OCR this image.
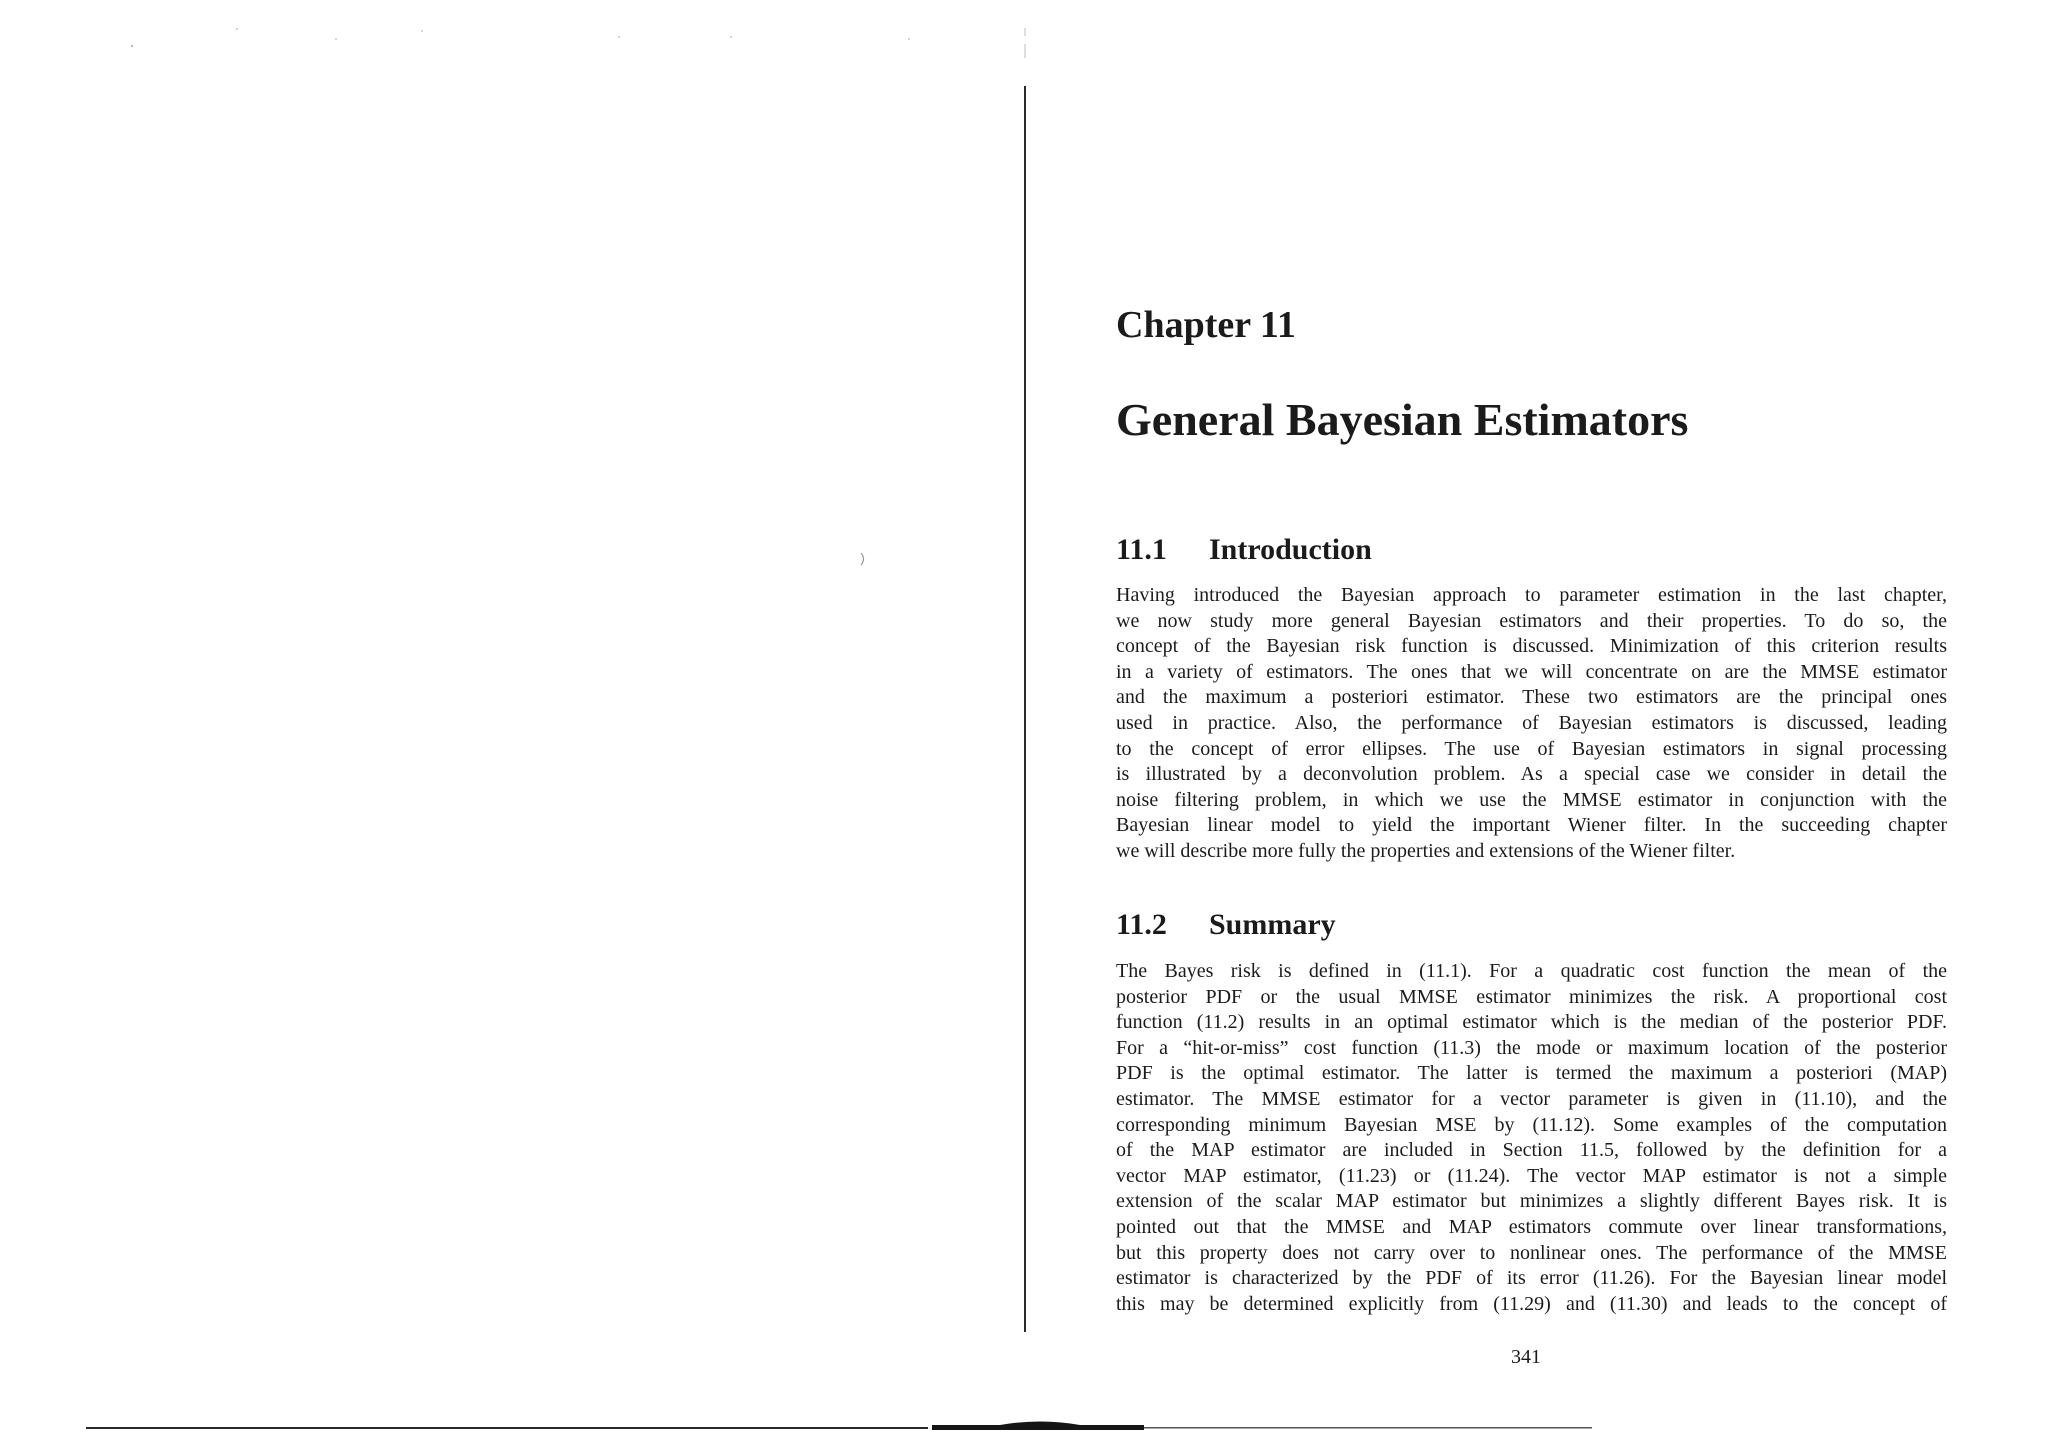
Chapter 11
General Bayesian Estimators
11.1 Introduction
Having introduced the Bayesian approach to parameter estimation in the last chapter,
we now study more general Bayesian estimators and their properties. To do so, the
concept of the Bayesian risk function is discussed. Minimization of this criterion results
in a variety of estimators. The ones that we will concentrate on are the MMSE estimator
and the maximum a posteriori estimator. These two estimators are the principal ones
used in practice. Also, the performance of Bayesian estimators is discussed, leading
to the concept of error ellipses. The use of Bayesian estimators in signal processing
is illustrated by a deconvolution problem. As a special case we consider in detail the
noise filtering problem, in which we use the MMSE estimator in conjunction with the
Bayesian linear model to yield the important Wiener filter. In the succeeding chapter
we will describe more fully the properties and extensions of the Wiener filter.
11.2 Summary
The Bayes risk is defined in (11.1). For a quadratic cost function the mean of the
posterior PDF or the usual MMSE estimator minimizes the risk. A proportional cost
function (11.2) results in an optimal estimator which is the median of the posterior PDF.
For a “hit-or-miss” cost function (11.3) the mode or maximum location of the posterior
PDF is the optimal estimator. The latter is termed the maximum a posteriori (MAP)
estimator. The MMSE estimator for a vector parameter is given in (11.10), and the
corresponding minimum Bayesian MSE by (11.12). Some examples of the computation
of the MAP estimator are included in Section 11.5, followed by the definition for a
vector MAP estimator, (11.23) or (11.24). The vector MAP estimator is not a simple
extension of the scalar MAP estimator but minimizes a slightly different Bayes risk. It is
pointed out that the MMSE and MAP estimators commute over linear transformations,
but this property does not carry over to nonlinear ones. The performance of the MMSE
estimator is characterized by the PDF of its error (11.26). For the Bayesian linear model
this may be determined explicitly from (11.29) and (11.30) and leads to the concept of
341
